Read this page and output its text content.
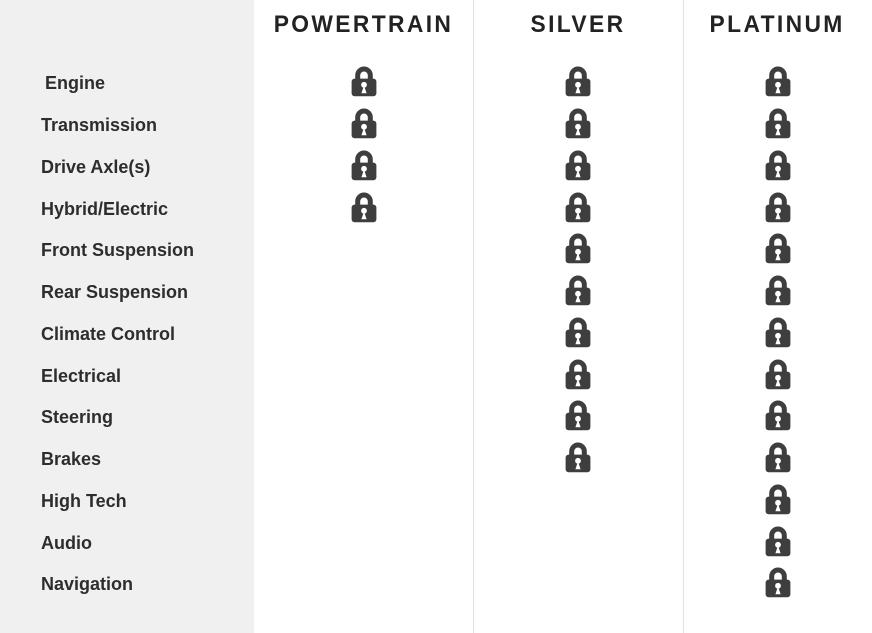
POWERTRAIN	SILVER	PLATINUM
Engine
Transmission
Drive Axle(s)
Hybrid/Electric
Front Suspension
Rear Suspension
Climate Control
Electrical
Steering
Brakes
High Tech
Audio
Navigation
